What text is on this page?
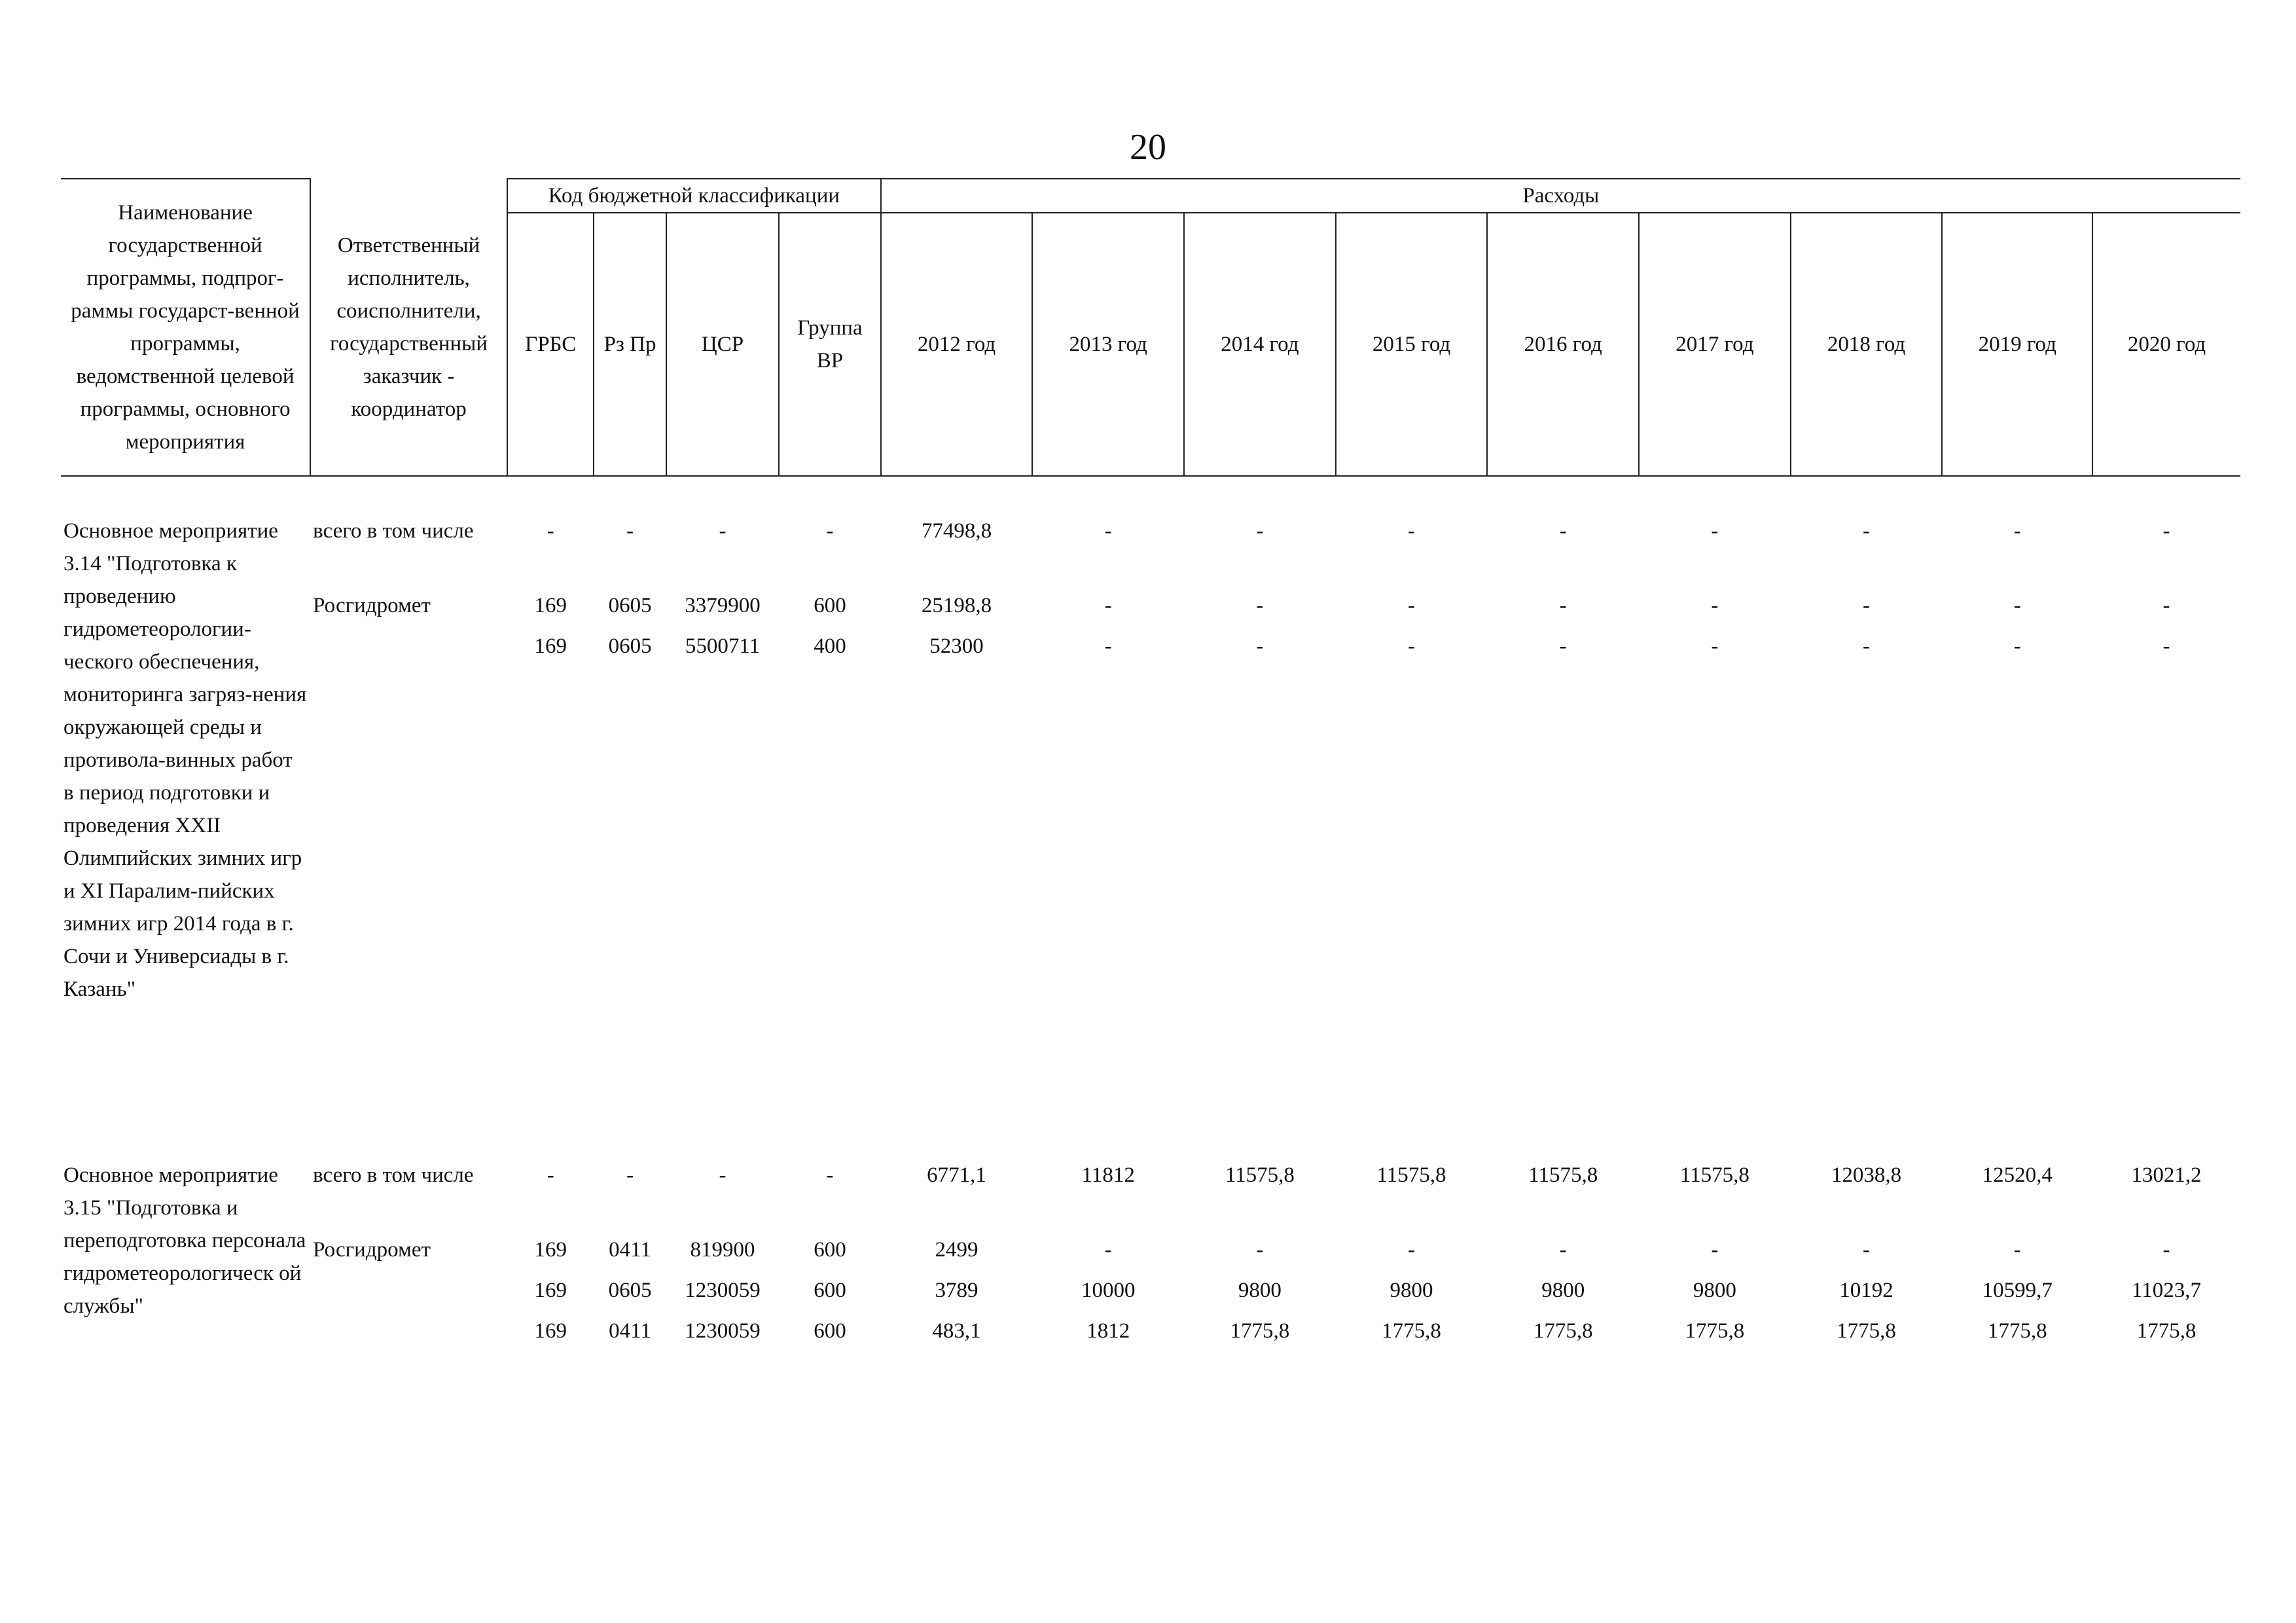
20
Наименование государственной программы, подпрог-раммы государст-венной программы, ведомственной целевой программы, основного мероприятия	Ответственный исполнитель, соисполнители, государственный заказчик - координатор	Код бюджетной классификации				Расходы								
		ГРБС	Рз Пр	ЦСР	Группа ВР	2012 год	2013 год	2014 год	2015 год	2016 год	2017 год	2018 год	2019 год	2020 год

Основное мероприятие 3.14 "Подготовка к проведению гидрометеорологии-ческого обеспечения, мониторинга загряз-нения окружающей среды и противола-винных работ в период подготовки и проведения XXII Олимпийских зимних игр и XI Паралим-пийских зимних игр 2014 года в г. Сочи и Универсиады в г. Казань"	всего в том числе	-	-	-	-	77498,8	-	-	-	-	-	-	-	-
	Росгидромет	169	0605	3379900	600	25198,8	-	-	-	-	-	-	-	-
		169	0605	5500711	400	52300	-	-	-	-	-	-	-	-

Основное мероприятие 3.15 "Подготовка и переподготовка персонала гидрометеорологическ ой службы"	всего в том числе	-	-	-	-	6771,1	11812	11575,8	11575,8	11575,8	11575,8	12038,8	12520,4	13021,2
	Росгидромет	169	0411	819900	600	2499	-	-	-	-	-	-	-	-
		169	0605	1230059	600	3789	10000	9800	9800	9800	9800	10192	10599,7	11023,7
		169	0411	1230059	600	483,1	1812	1775,8	1775,8	1775,8	1775,8	1775,8	1775,8	1775,8
